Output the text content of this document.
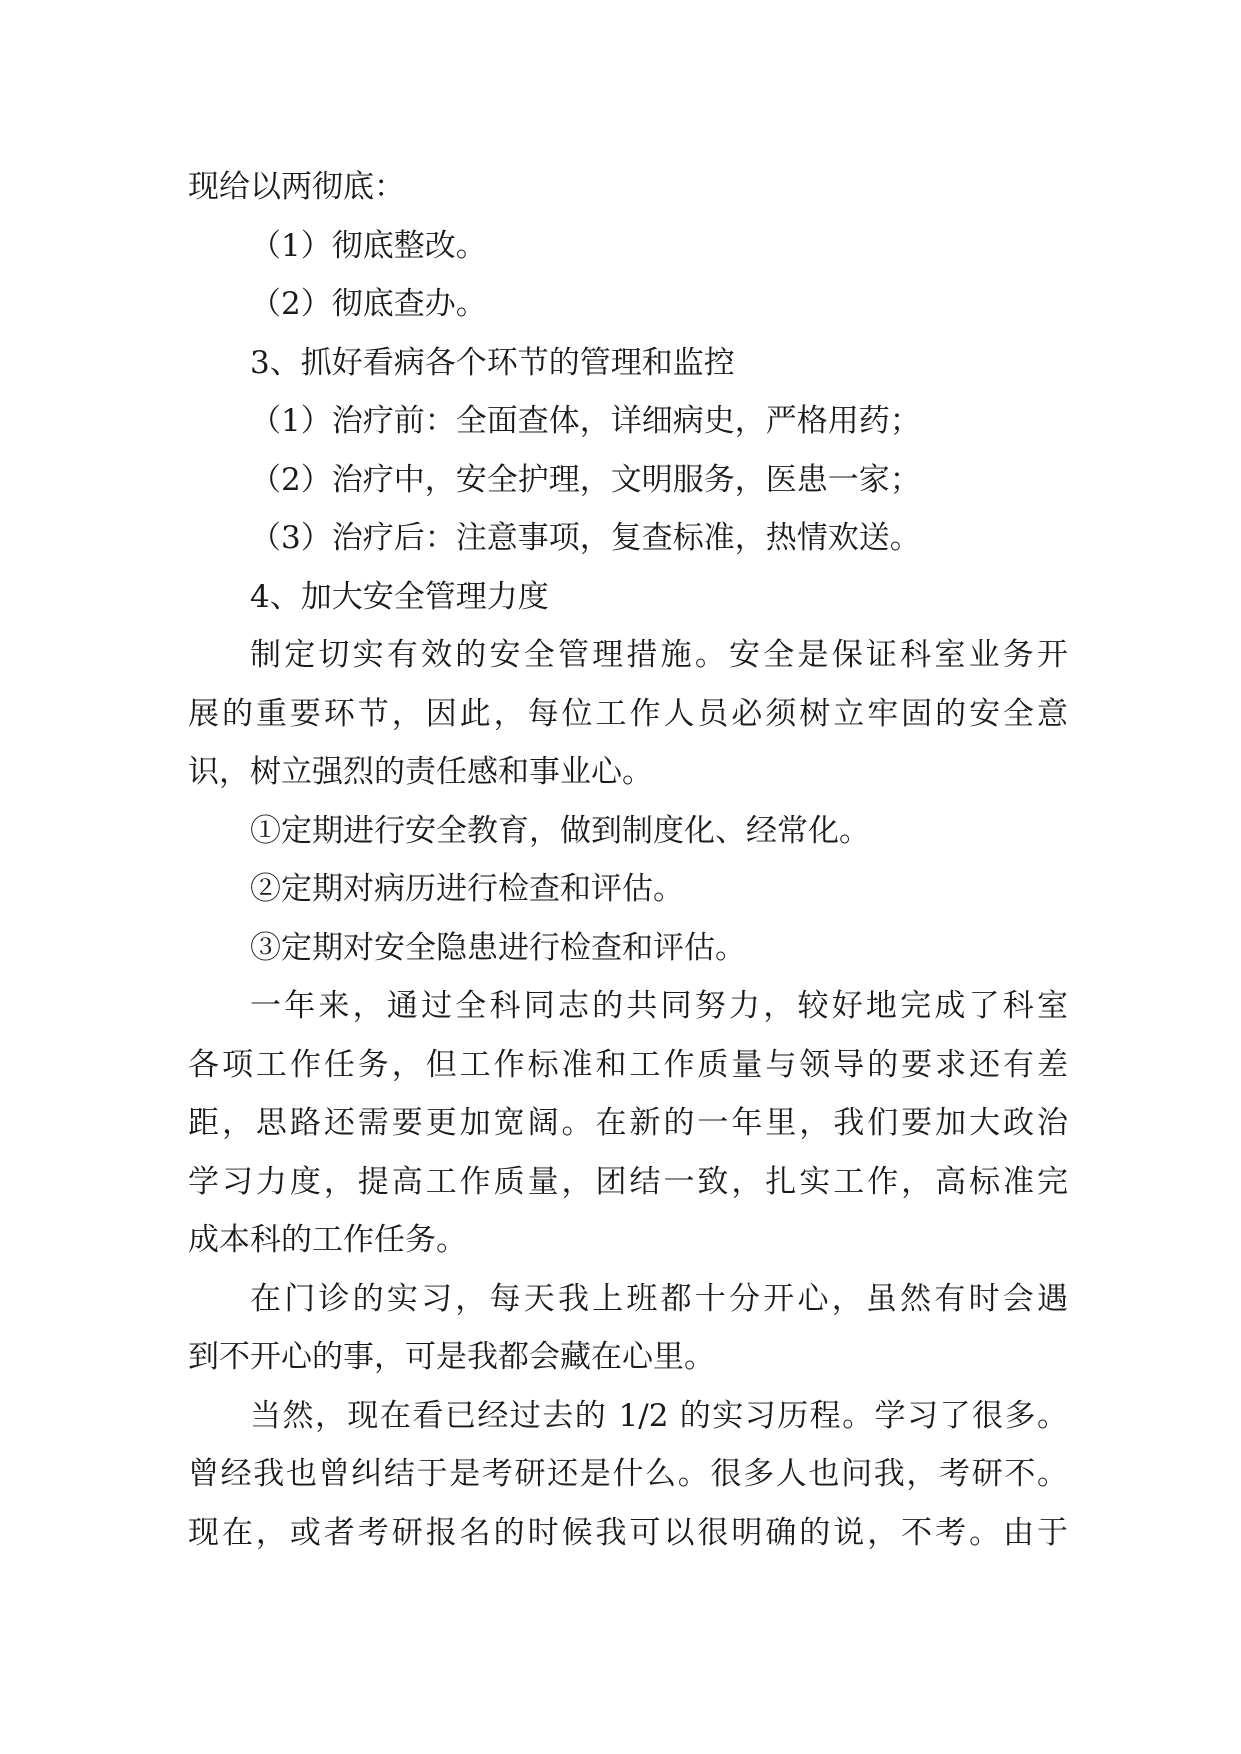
现给以两彻底：
（1）彻底整改。
（2）彻底查办。
3、抓好看病各个环节的管理和监控
（1）治疗前：全面查体，详细病史，严格用药；
（2）治疗中，安全护理，文明服务，医患一家；
（3）治疗后：注意事项，复查标准，热情欢送。
4、加大安全管理力度
制定切实有效的安全管理措施。安全是保证科室业务开
展的重要环节，因此，每位工作人员必须树立牢固的安全意
识，树立强烈的责任感和事业心。
①定期进行安全教育，做到制度化、经常化。
②定期对病历进行检查和评估。
③定期对安全隐患进行检查和评估。
一年来，通过全科同志的共同努力，较好地完成了科室
各项工作任务，但工作标准和工作质量与领导的要求还有差
距，思路还需要更加宽阔。在新的一年里，我们要加大政治
学习力度，提高工作质量，团结一致，扎实工作，高标准完
成本科的工作任务。
在门诊的实习，每天我上班都十分开心，虽然有时会遇
到不开心的事，可是我都会藏在心里。
当然，现在看已经过去的 1/2 的实习历程。学习了很多。
曾经我也曾纠结于是考研还是什么。很多人也问我，考研不。
现在，或者考研报名的时候我可以很明确的说，不考。由于
